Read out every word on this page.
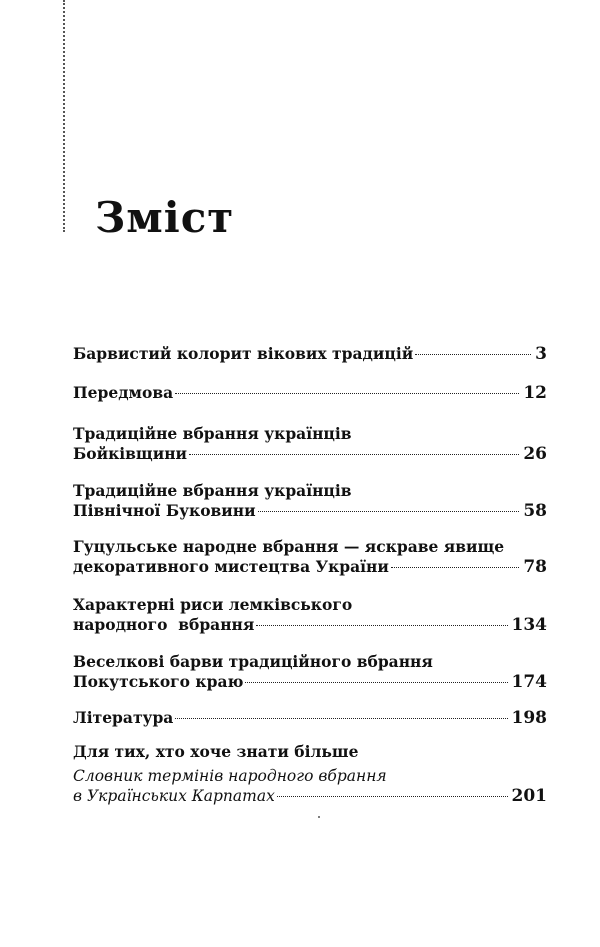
Зміст
Барвистий колорит вікових традицій	3
Передмова	12
Традиційне вбрання українців
Бойківщини	26
Традиційне вбрання українців
Північної Буковини	58
Гуцульське народне вбрання — яскраве явище
декоративного мистецтва України	78
Характерні риси лемківського
народного  вбрання	134
Веселкові барви традиційного вбрання
Покутського краю	174
Література	198
Для тих, хто хоче знати більше
Словник термінів народного вбрання
в Українських Карпатах	201
